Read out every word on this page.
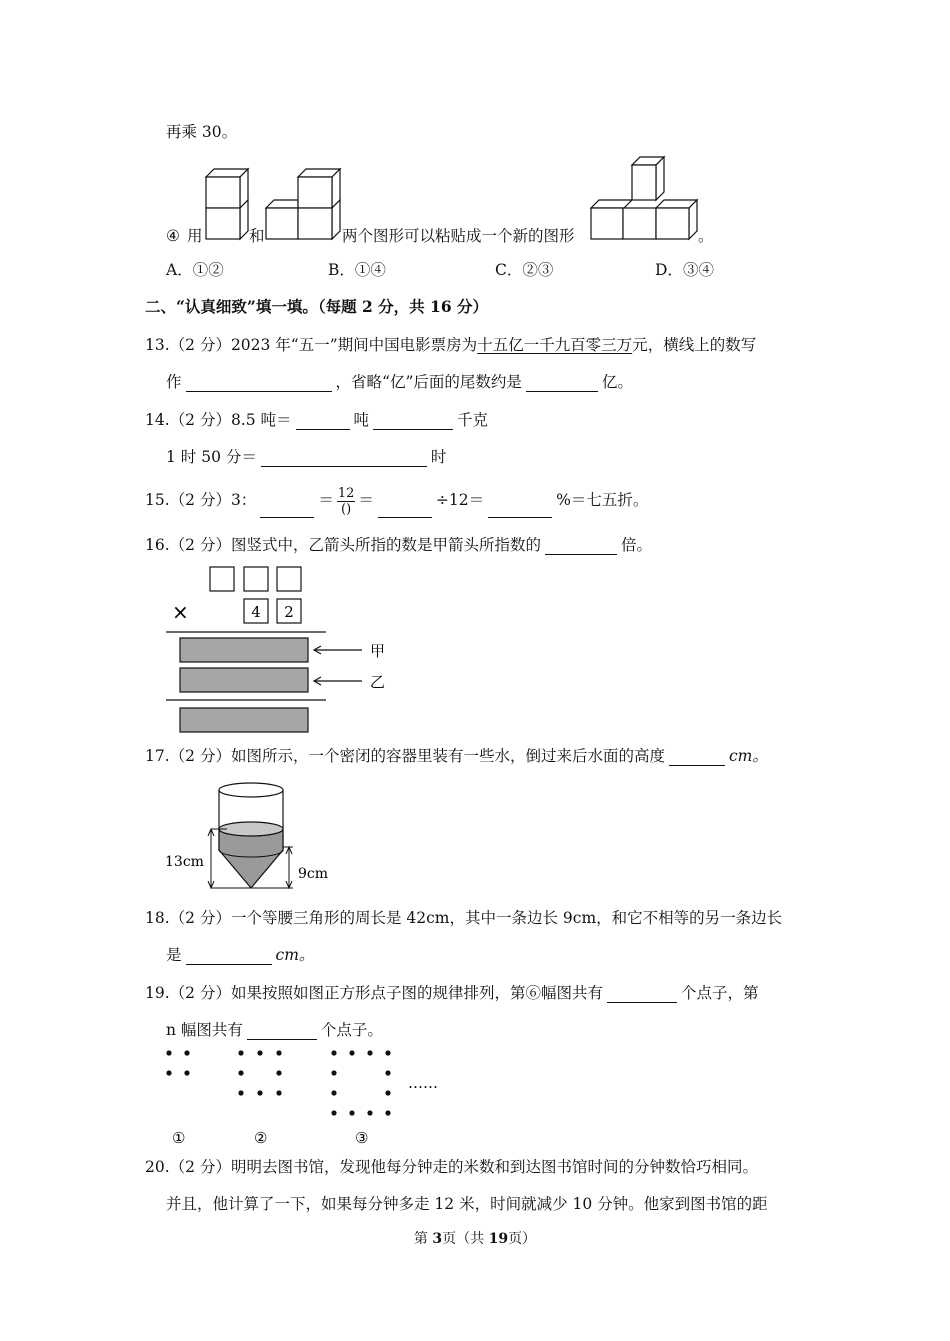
再乘 30。
④ 用	和	两个图形可以粘贴成一个新的图形	。
A．①②	B．①④	C．②③	D．③④
二、“认真细致”填一填。（每题 2 分，共 16 分）
13.（2 分）2023 年“五一”期间中国电影票房为十五亿一千九百零三万元，横线上的数写
作	，省略“亿”后面的尾数约是	亿。
14.（2 分）8.5 吨＝	吨	千克
1 时 50 分＝	时
15.（2 分）3：	＝ $\frac{12}{()}$ ＝	÷12＝	%＝七五折。
16.（2 分）图竖式中，乙箭头所指的数是甲箭头所指数的	倍。
×	4 2
甲
乙
17.（2 分）如图所示，一个密闭的容器里装有一些水，倒过来后水面的高度	cm。
13cm
9cm
18.（2 分）一个等腰三角形的周长是 42cm，其中一条边长 9cm，和它不相等的另一条边长
是	cm。
19.（2 分）如果按照如图正方形点子图的规律排列，第⑥幅图共有	个点子，第
n 幅图共有	个点子。
……
①	②	③
20.（2 分）明明去图书馆，发现他每分钟走的米数和到达图书馆时间的分钟数恰巧相同。
并且，他计算了一下，如果每分钟多走 12 米，时间就减少 10 分钟。他家到图书馆的距
第 3页（共 19页）
